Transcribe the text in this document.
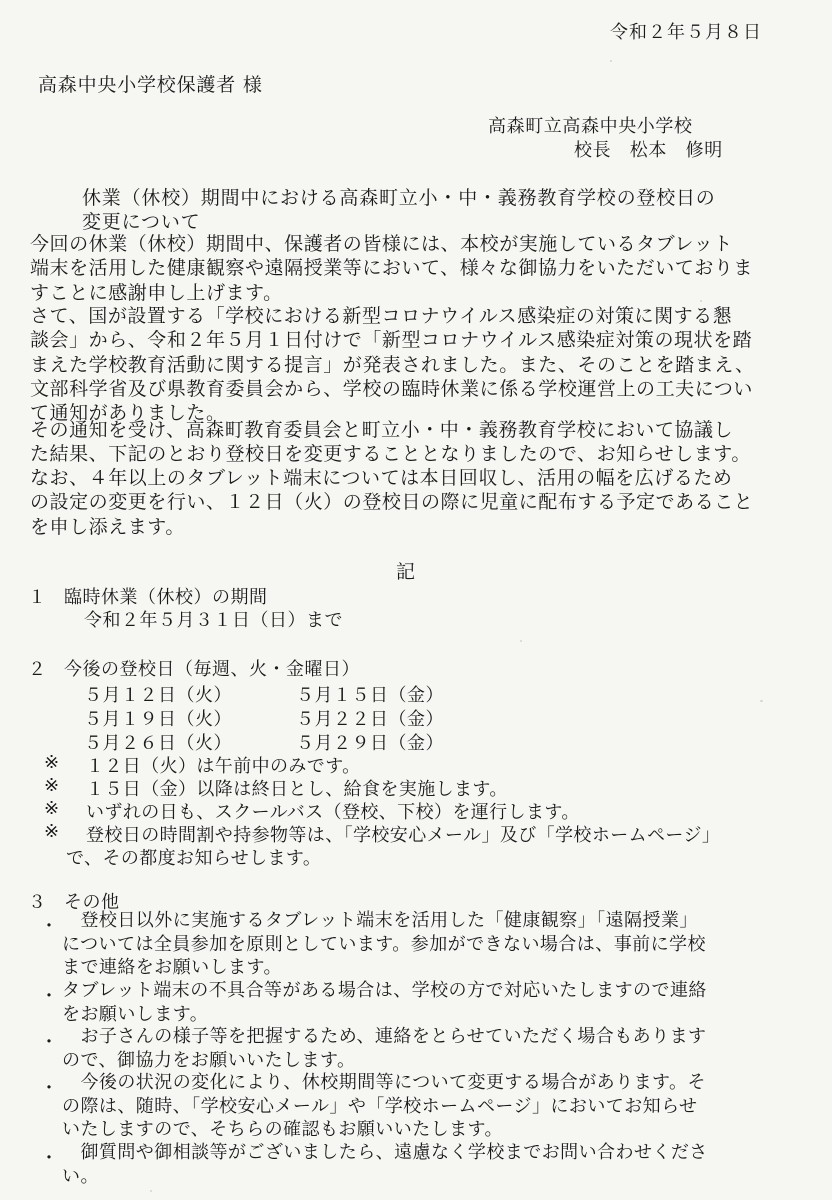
令和２年５月８日
高森中央小学校保護者 様
高森町立高森中央小学校
校長　松本　修明
休業（休校）期間中における高森町立小・中・義務教育学校の登校日の
変更について
今回の休業（休校）期間中、保護者の皆様には、本校が実施しているタブレット
端末を活用した健康観察や遠隔授業等において、様々な御協力をいただいておりま
すことに感謝申し上げます。
さて、国が設置する「学校における新型コロナウイルス感染症の対策に関する懇
談会」から、令和２年５月１日付けで「新型コロナウイルス感染症対策の現状を踏
まえた学校教育活動に関する提言」が発表されました。また、そのことを踏まえ、
文部科学省及び県教育委員会から、学校の臨時休業に係る学校運営上の工夫につい
て通知がありました。
その通知を受け、高森町教育委員会と町立小・中・義務教育学校において協議し
た結果、下記のとおり登校日を変更することとなりましたので、お知らせします。
なお、４年以上のタブレット端末については本日回収し、活用の幅を広げるため
の設定の変更を行い、１２日（火）の登校日の際に児童に配布する予定であること
を申し添えます。
記
１ 臨時休業（休校）の期間
令和２年５月３１日（日）まで
２ 今後の登校日（毎週、火・金曜日）
５月１２日（火）	５月１５日（金）
５月１９日（火）	５月２２日（金）
５月２６日（火）	５月２９日（金）
※ １２日（火）は午前中のみです。
※ １５日（金）以降は終日とし、給食を実施します。
※ いずれの日も、スクールバス（登校、下校）を運行します。
※ 登校日の時間割や持参物等は、「学校安心メール」及び「学校ホームページ」
で、その都度お知らせします。
３ その他
・	　登校日以外に実施するタブレット端末を活用した「健康観察」「遠隔授業」
については全員参加を原則としています。参加ができない場合は、事前に学校
まで連絡をお願いします。
・ タブレット端末の不具合等がある場合は、学校の方で対応いたしますので連絡
をお願いします。
・	　お子さんの様子等を把握するため、連絡をとらせていただく場合もあります
ので、御協力をお願いいたします。
・	　今後の状況の変化により、休校期間等について変更する場合があります。そ
の際は、随時、「学校安心メール」や「学校ホームページ」においてお知らせ
いたしますので、そちらの確認もお願いいたします。
・	　御質問や御相談等がございましたら、遠慮なく学校までお問い合わせくださ
い。
